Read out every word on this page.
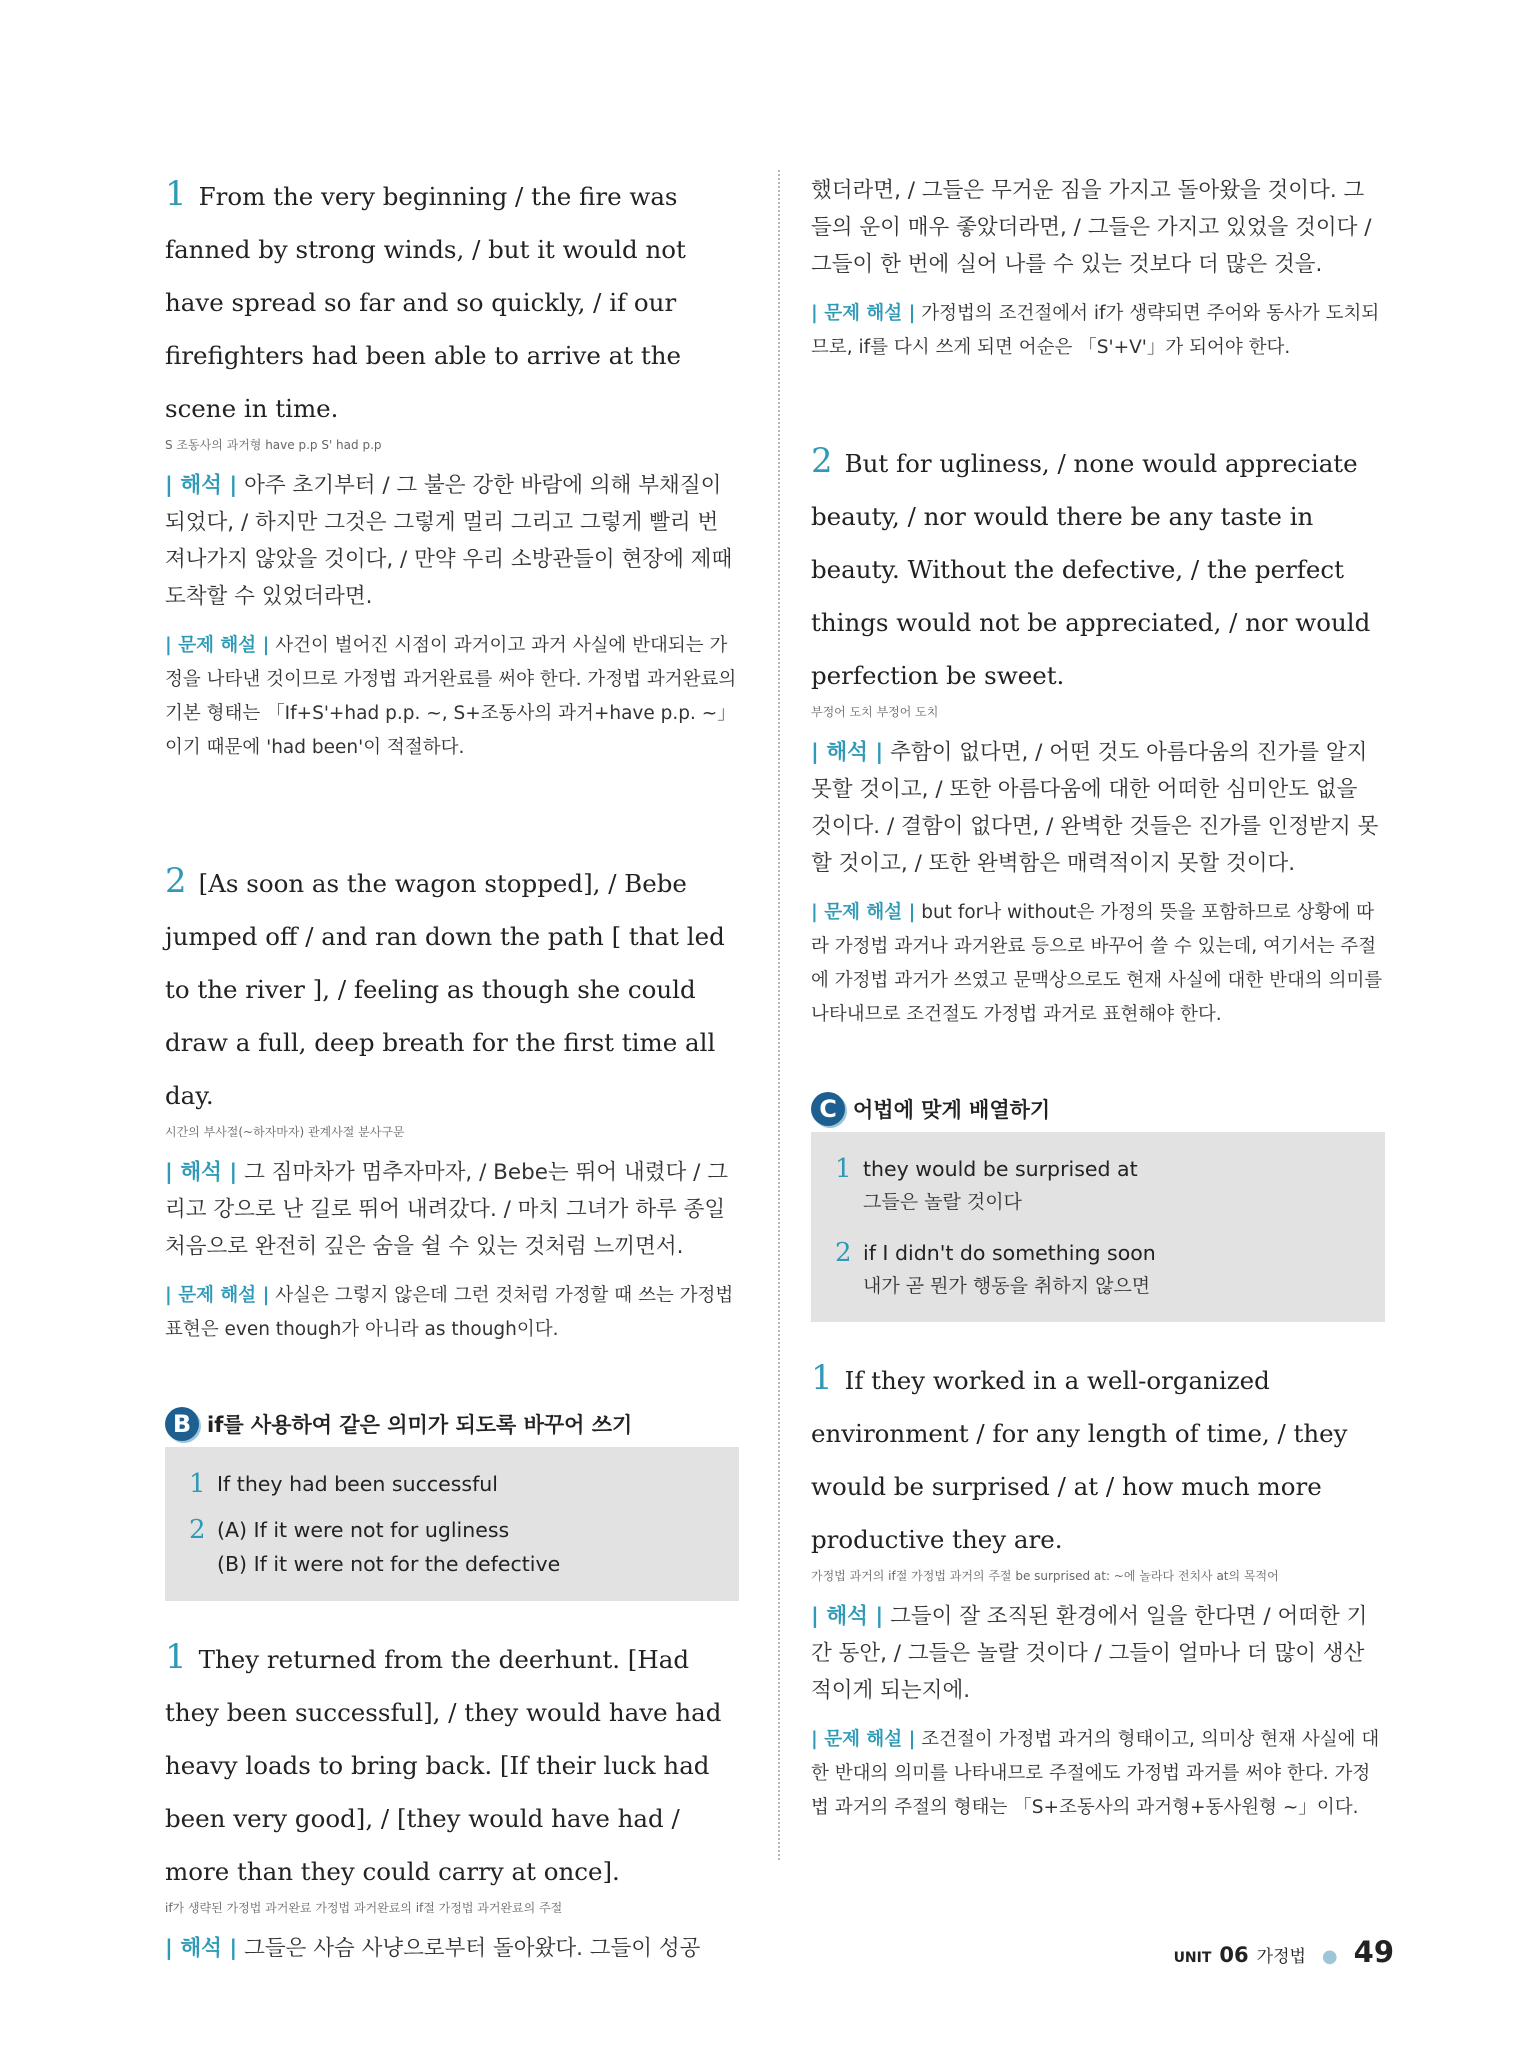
1 From the very beginning / the fire was fanned by strong winds, / but it would not have spread so far and so quickly, / if our firefighters had been able to arrive at the scene in time.

S 조동사의 과거형 have p.p S' had p.p

| 해석 | 아주 초기부터 / 그 불은 강한 바람에 의해 부채질이 되었다, / 하지만 그것은 그렇게 멀리 그리고 그렇게 빨리 번져나가지 않았을 것이다, / 만약 우리 소방관들이 현장에 제때 도착할 수 있었더라면.

| 문제 해설 | 사건이 벌어진 시점이 과거이고 과거 사실에 반대되는 가정을 나타낸 것이므로 가정법 과거완료를 써야 한다. 가정법 과거완료의 기본 형태는 「If+S'+had p.p. ~, S+조동사의 과거+have p.p. ~」이기 때문에 'had been'이 적절하다.

2 [As soon as the wagon stopped], / Bebe jumped off / and ran down the path [ that led to the river ], / feeling as though she could draw a full, deep breath for the first time all day.

시간의 부사절(~하자마자) 관계사절 분사구문

| 해석 | 그 짐마차가 멈추자마자, / Bebe는 뛰어 내렸다 / 그리고 강으로 난 길로 뛰어 내려갔다. / 마치 그녀가 하루 종일 처음으로 완전히 깊은 숨을 쉴 수 있는 것처럼 느끼면서.

| 문제 해설 | 사실은 그렇지 않은데 그런 것처럼 가정할 때 쓰는 가정법 표현은 even though가 아니라 as though이다.

B if를 사용하여 같은 의미가 되도록 바꾸어 쓰기
1 If they had been successful
2 (A) If it were not for ugliness
(B) If it were not for the defective

1 They returned from the deerhunt. [Had they been successful], / they would have had heavy loads to bring back. [If their luck had been very good], / [they would have had / more than they could carry at once].

if가 생략된 가정법 과거완료 가정법 과거완료의 if절 가정법 과거완료의 주절

| 해석 | 그들은 사슴 사냥으로부터 돌아왔다. 그들이 성공

했더라면, / 그들은 무거운 짐을 가지고 돌아왔을 것이다. 그들의 운이 매우 좋았더라면, / 그들은 가지고 있었을 것이다 / 그들이 한 번에 실어 나를 수 있는 것보다 더 많은 것을.

| 문제 해설 | 가정법의 조건절에서 if가 생략되면 주어와 동사가 도치되므로, if를 다시 쓰게 되면 어순은 「S'+V'」가 되어야 한다.

2 But for ugliness, / none would appreciate beauty, / nor would there be any taste in beauty. Without the defective, / the perfect things would not be appreciated, / nor would perfection be sweet.

부정어 도치 부정어 도치

| 해석 | 추함이 없다면, / 어떤 것도 아름다움의 진가를 알지 못할 것이고, / 또한 아름다움에 대한 어떠한 심미안도 없을 것이다. / 결함이 없다면, / 완벽한 것들은 진가를 인정받지 못할 것이고, / 또한 완벽함은 매력적이지 못할 것이다.

| 문제 해설 | but for나 without은 가정의 뜻을 포함하므로 상황에 따라 가정법 과거나 과거완료 등으로 바꾸어 쓸 수 있는데, 여기서는 주절에 가정법 과거가 쓰였고 문맥상으로도 현재 사실에 대한 반대의 의미를 나타내므로 조건절도 가정법 과거로 표현해야 한다.

C 어법에 맞게 배열하기
1 they would be surprised at
그들은 놀랄 것이다
2 if I didn't do something soon
내가 곧 뭔가 행동을 취하지 않으면

1 If they worked in a well-organized environment / for any length of time, / they would be surprised / at / how much more productive they are.

가정법 과거의 if절 가정법 과거의 주절 be surprised at: ~에 놀라다 전치사 at의 목적어

| 해석 | 그들이 잘 조직된 환경에서 일을 한다면 / 어떠한 기간 동안, / 그들은 놀랄 것이다 / 그들이 얼마나 더 많이 생산적이게 되는지에.

| 문제 해설 | 조건절이 가정법 과거의 형태이고, 의미상 현재 사실에 대한 반대의 의미를 나타내므로 주절에도 가정법 과거를 써야 한다. 가정법 과거의 주절의 형태는 「S+조동사의 과거형+동사원형 ~」이다.

UNIT 06 가정법 ● 49
